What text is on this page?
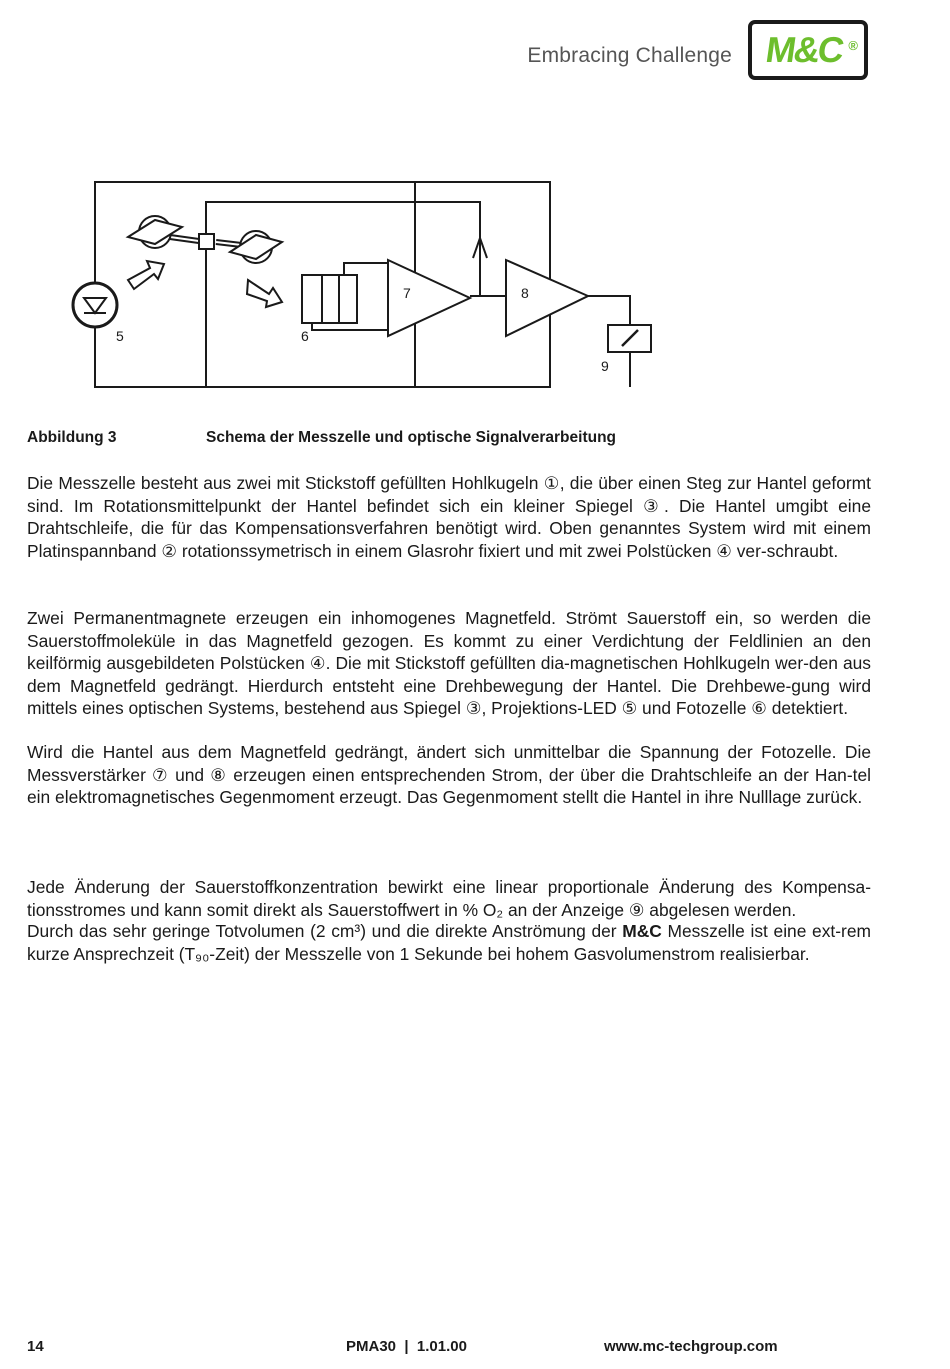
Embracing Challenge M&C ®
5	6
7	8
9
Abbildung 3	Schema der Messzelle und optische Signalverarbeitung

Die Messzelle besteht aus zwei mit Stickstoff gefüllten Hohlkugeln ①, die über einen Steg zur Hantel geformt sind. Im Rotationsmittelpunkt der Hantel befindet sich ein kleiner Spiegel ③. Die Hantel umgibt eine Drahtschleife, die für das Kompensationsverfahren benötigt wird. Oben genanntes System wird mit einem Platinspannband ② rotationssymetrisch in einem Glasrohr fixiert und mit zwei Polstücken ④ ver-schraubt.

Zwei Permanentmagnete erzeugen ein inhomogenes Magnetfeld. Strömt Sauerstoff ein, so werden die Sauerstoffmoleküle in das Magnetfeld gezogen. Es kommt zu einer Verdichtung der Feldlinien an den keilförmig ausgebildeten Polstücken ④. Die mit Stickstoff gefüllten dia-magnetischen Hohlkugeln wer-den aus dem Magnetfeld gedrängt. Hierdurch entsteht eine Drehbewegung der Hantel. Die Drehbewe-gung wird mittels eines optischen Systems, bestehend aus Spiegel ③, Projektions-LED ⑤ und Fotozelle ⑥ detektiert.

Wird die Hantel aus dem Magnetfeld gedrängt, ändert sich unmittelbar die Spannung der Fotozelle. Die Messverstärker ⑦ und ⑧ erzeugen einen entsprechenden Strom, der über die Drahtschleife an der Han-tel ein elektromagnetisches Gegenmoment erzeugt. Das Gegenmoment stellt die Hantel in ihre Nulllage zurück.

Jede Änderung der Sauerstoffkonzentration bewirkt eine linear proportionale Änderung des Kompensa-tionsstromes und kann somit direkt als Sauerstoffwert in % O₂ an der Anzeige ⑨ abgelesen werden.

Durch das sehr geringe Totvolumen (2 cm³) und die direkte Anströmung der M&C Messzelle ist eine ext-rem kurze Ansprechzeit (T₉₀-Zeit) der Messzelle von 1 Sekunde bei hohem Gasvolumenstrom realisierbar.

14	PMA30  |  1.01.00	www.mc-techgroup.com
